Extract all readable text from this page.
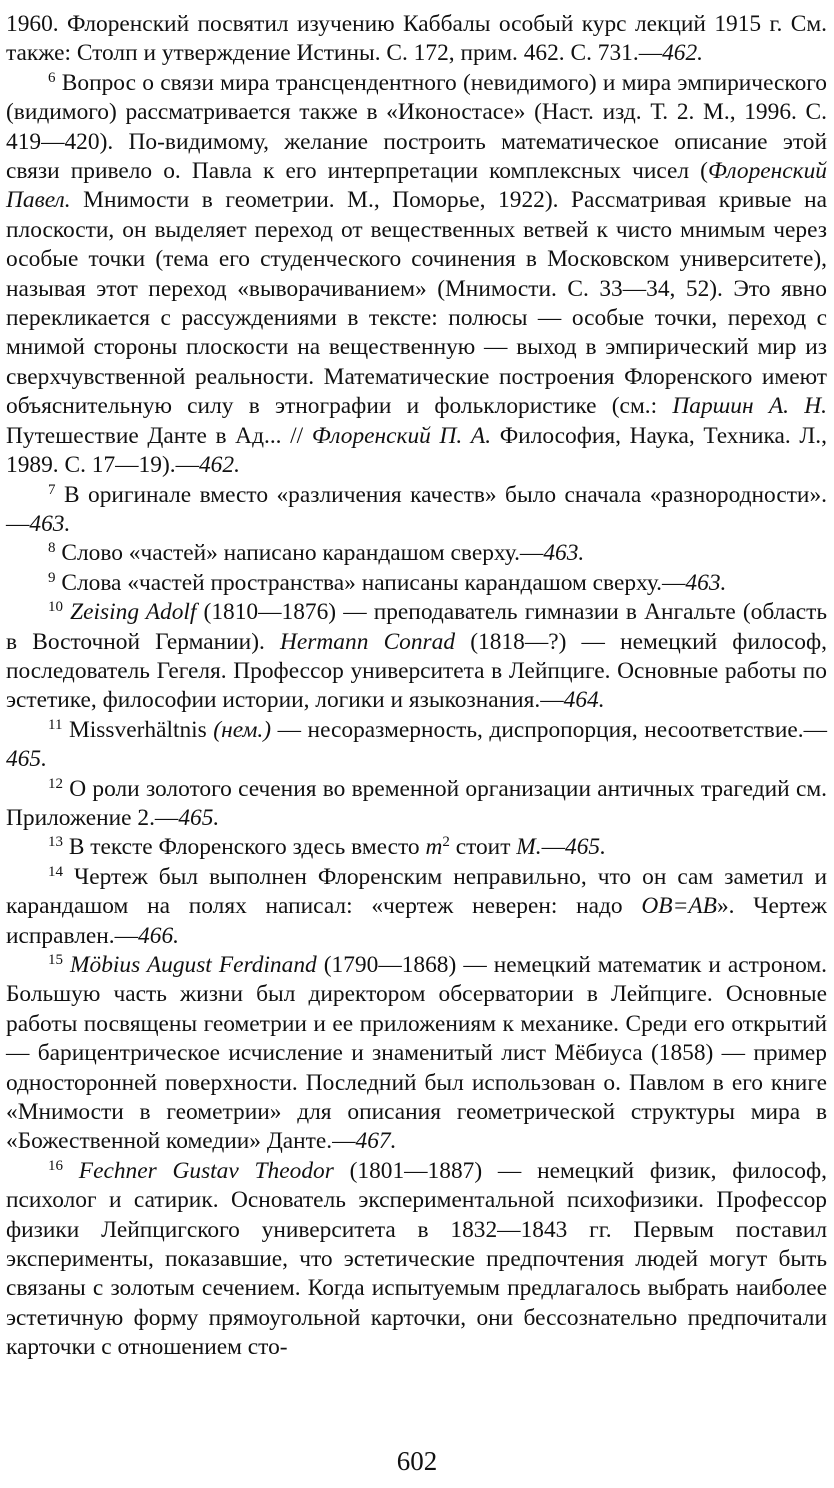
1960. Флоренский посвятил изучению Каббалы особый курс лекций 1915 г. См. также: Столп и утверждение Истины. С. 172, прим. 462. С. 731.—462.

$^6$ Вопрос о связи мира трансцендентного (невидимого) и мира эмпирического (видимого) рассматривается также в «Иконостасе» (Наст. изд. Т. 2. М., 1996. С. 419—420). По-видимому, желание построить математическое описание этой связи привело о. Павла к его интерпретации комплексных чисел (Флоренский Павел. Мнимости в геометрии. М., Поморье, 1922). Рассматривая кривые на плоскости, он выделяет переход от вещественных ветвей к чисто мнимым через особые точки (тема его студенческого сочинения в Московском университете), называя этот переход «выворачиванием» (Мнимости. С. 33—34, 52). Это явно перекликается с рассуждениями в тексте: полюсы — особые точки, переход с мнимой стороны плоскости на вещественную — выход в эмпирический мир из сверхчувственной реальности. Математические построения Флоренского имеют объяснительную силу в этнографии и фольклористике (см.: Паршин А. Н. Путешествие Данте в Ад... // Флоренский П. А. Философия, Наука, Техника. Л., 1989. С. 17—19).—462.

$^7$ В оригинале вместо «различения качеств» было сначала «разнородности».—463.

$^8$ Слово «частей» написано карандашом сверху.—463.

$^9$ Слова «частей пространства» написаны карандашом сверху.—463.

$^{10}$ Zeising Adolf (1810—1876) — преподаватель гимназии в Ангальте (область в Восточной Германии). Hermann Conrad (1818—?) — немецкий философ, последователь Гегеля. Профессор университета в Лейпциге. Основные работы по эстетике, философии истории, логики и языкознания.—464.

$^{11}$ Missverhältnis (нем.) — несоразмерность, диспропорция, несоответствие.—465.

$^{12}$ О роли золотого сечения во временной организации античных трагедий см. Приложение 2.—465.

$^{13}$ В тексте Флоренского здесь вместо $m^2$ стоит M.—465.

$^{14}$ Чертеж был выполнен Флоренским неправильно, что он сам заметил и карандашом на полях написал: «чертеж неверен: надо OB=AB». Чертеж исправлен.—466.

$^{15}$ Möbius August Ferdinand (1790—1868) — немецкий математик и астроном. Большую часть жизни был директором обсерватории в Лейпциге. Основные работы посвящены геометрии и ее приложениям к механике. Среди его открытий — барицентрическое исчисление и знаменитый лист Мёбиуса (1858) — пример односторонней поверхности. Последний был использован о. Павлом в его книге «Мнимости в геометрии» для описания геометрической структуры мира в «Божественной комедии» Данте.—467.

$^{16}$ Fechner Gustav Theodor (1801—1887) — немецкий физик, философ, психолог и сатирик. Основатель экспериментальной психофизики. Профессор физики Лейпцигского университета в 1832—1843 гг. Первым поставил эксперименты, показавшие, что эстетические предпочтения людей могут быть связаны с золотым сечением. Когда испытуемым предлагалось выбрать наиболее эстетичную форму прямоугольной карточки, они бессознательно предпочитали карточки с отношением сто-

602
